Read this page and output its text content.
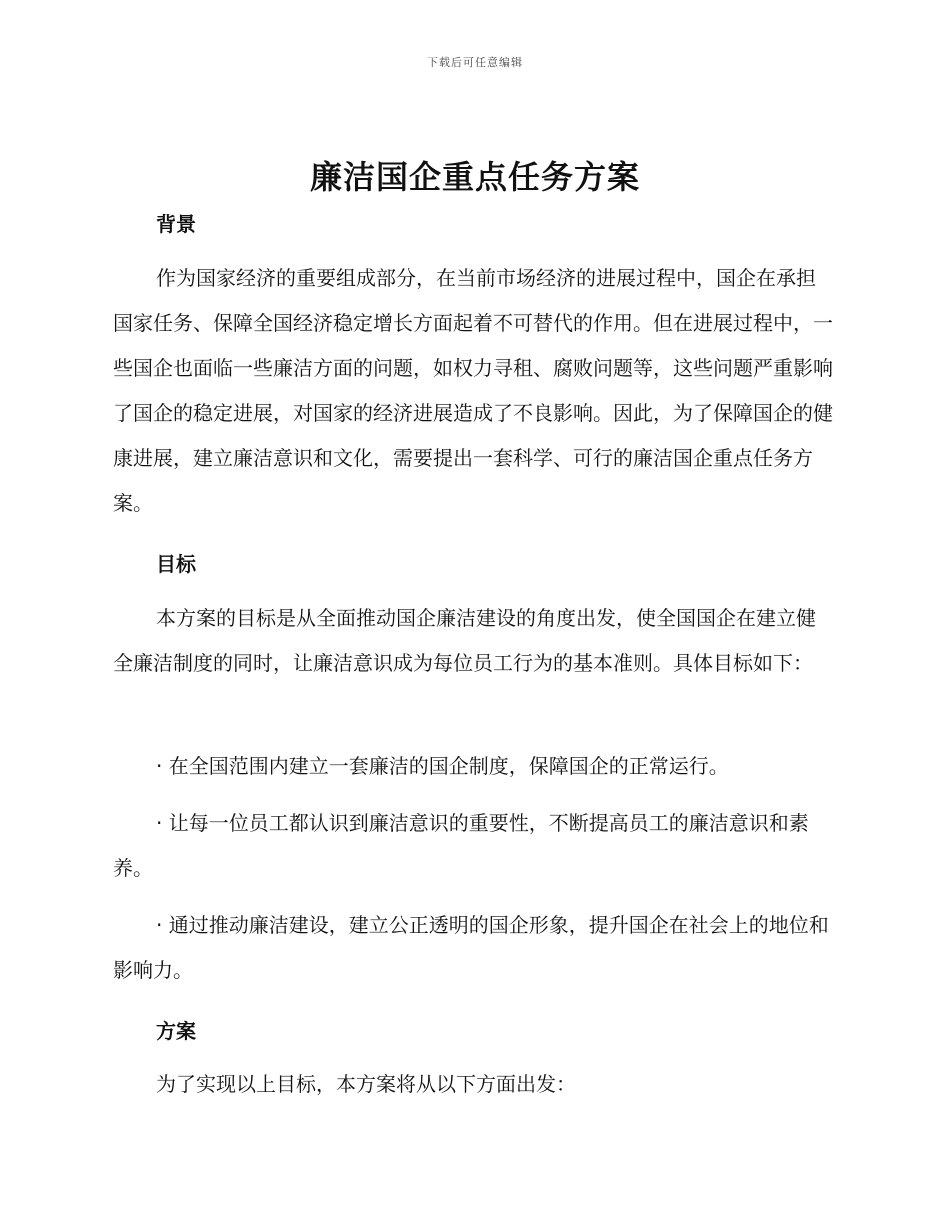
下载后可任意编辑
廉洁国企重点任务方案
背景
作为国家经济的重要组成部分，在当前市场经济的进展过程中，国企在承担国家任务、保障全国经济稳定增长方面起着不可替代的作用。但在进展过程中，一些国企也面临一些廉洁方面的问题，如权力寻租、腐败问题等，这些问题严重影响了国企的稳定进展，对国家的经济进展造成了不良影响。因此，为了保障国企的健康进展，建立廉洁意识和文化，需要提出一套科学、可行的廉洁国企重点任务方案。
目标
本方案的目标是从全面推动国企廉洁建设的角度出发，使全国国企在建立健全廉洁制度的同时，让廉洁意识成为每位员工行为的基本准则。具体目标如下：
· 在全国范围内建立一套廉洁的国企制度，保障国企的正常运行。
· 让每一位员工都认识到廉洁意识的重要性，不断提高员工的廉洁意识和素养。
· 通过推动廉洁建设，建立公正透明的国企形象，提升国企在社会上的地位和影响力。
方案
为了实现以上目标，本方案将从以下方面出发：
